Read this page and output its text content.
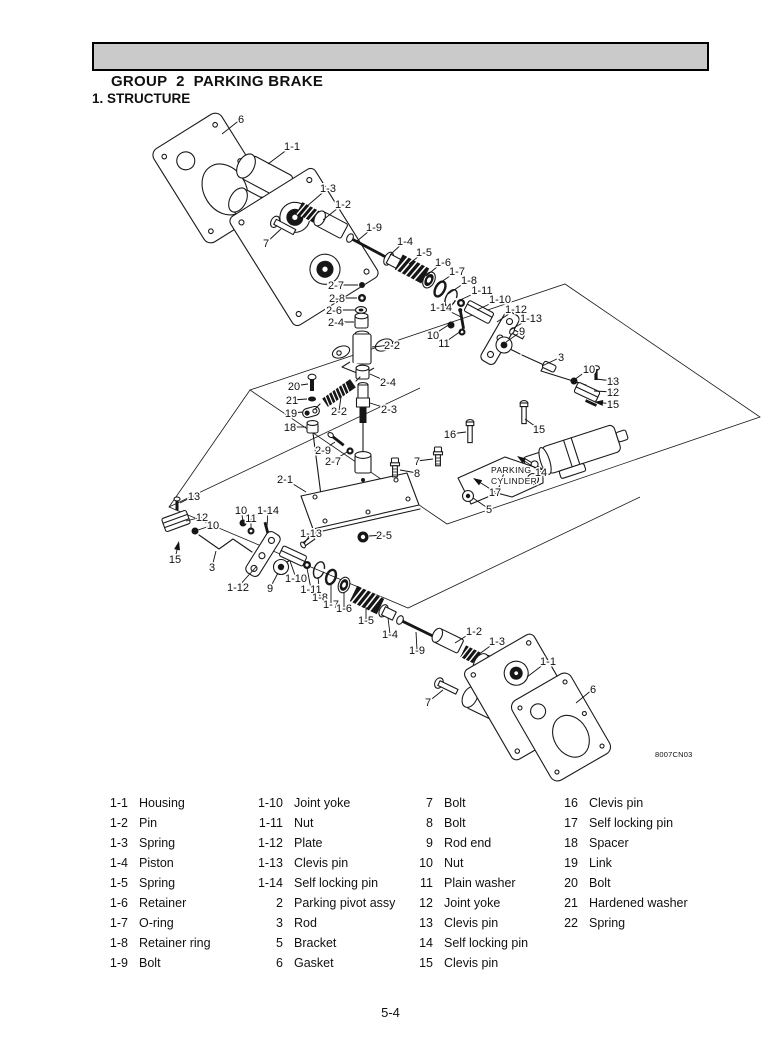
6
1-1
1-3
1-2
7
1-9
1-4
1-5
1-6
1-7
1-8
1-11
1-10
1-14	1-12
1-13
9
10
11
3
10
13
12
15
2-7
2-8
2-6
2-4
2-2
2-4
2-3
2-2
20
21
19
18
2-9
2-7
2-1
7
8
16	15
14
17
5
2-5
13
12
10
15
3
10
11
1-14
1-12 9
1-10
1-11
1-13
1-8
1-7
1-6
1-5
1-4
1-9
1-2
1-3
1-1
7
6
PARKING
CYLINDER

GROUP  2  PARKING BRAKE

1. STRUCTURE
8007CN03
1-1 Housing
1-2 Pin
1-3 Spring
1-4 Piston
1-5 Spring
1-6 Retainer
1-7 O-ring
1-8 Retainer ring
1-9 Bolt
1-10 Joint yoke
1-11 Nut
1-12 Plate
1-13 Clevis pin
1-14 Self locking pin
2 Parking pivot assy
3 Rod
5 Bracket
6 Gasket
7 Bolt
8 Bolt
9 Rod end
10 Nut
11 Plain washer
12 Joint yoke
13 Clevis pin
14 Self locking pin
15 Clevis pin
16 Clevis pin
17 Self locking pin
18 Spacer
19 Link
20 Bolt
21 Hardened washer
22 Spring
5-4
